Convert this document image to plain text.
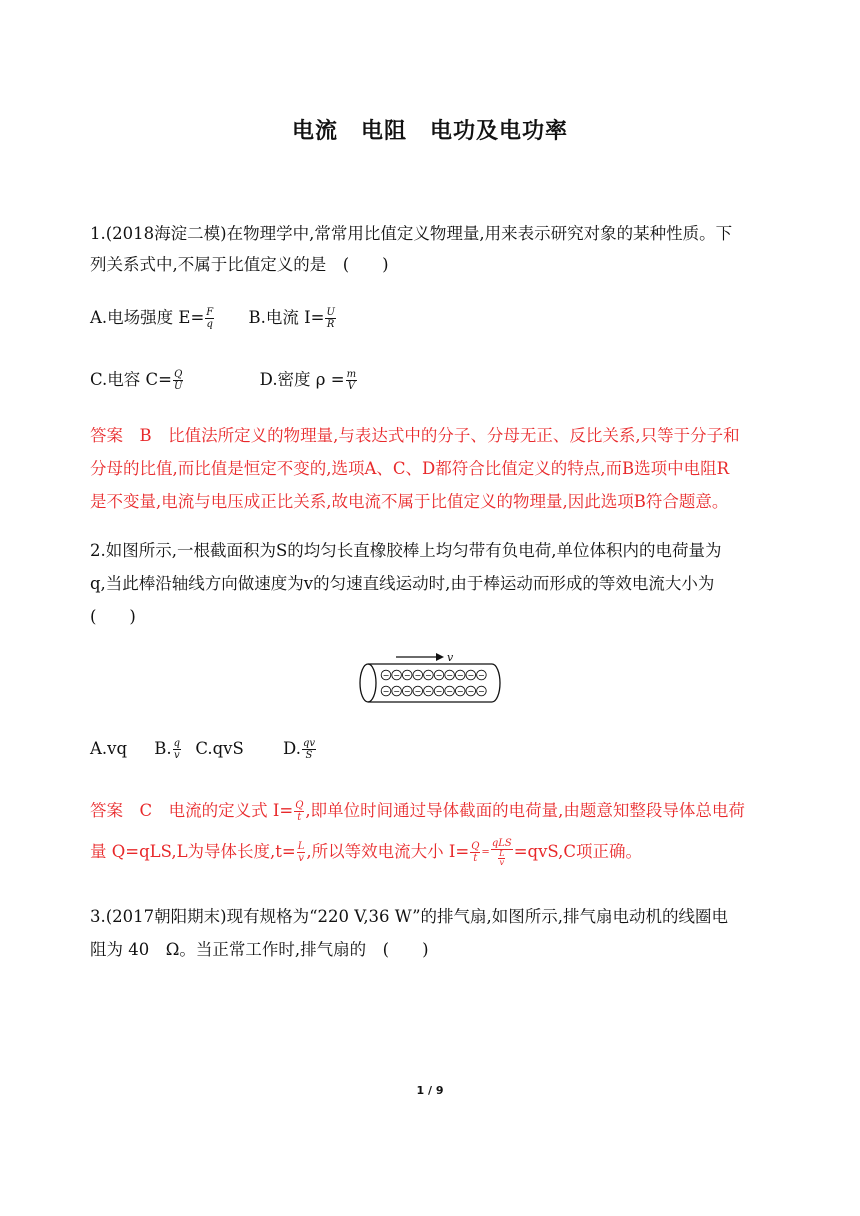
电流　电阻　电功及电功率
1.(2018海淀二模)在物理学中,常常用比值定义物理量,用来表示研究对象的某种性质。下
列关系式中,不属于比值定义的是　(　　)
A.电场强度 $E= \frac{F}{q} B$.电流 $I= \frac{U}{R}$
C.电容 $C= \frac{Q}{U}$	D.密度 $\rho = \frac{m}{V}$
答案　B　比值法所定义的物理量,与表达式中的分子、分母无正、反比关系,只等于分子和
分母的比值,而比值是恒定不变的,选项A、C、D都符合比值定义的特点,而B选项中电阻R
是不变量,电流与电压成正比关系,故电流不属于比值定义的物理量,因此选项B符合题意。
2.如图所示,一根截面积为S的均匀长直橡胶棒上均匀带有负电荷,单位体积内的电荷量为
q,当此棒沿轴线方向做速度为v的匀速直线运动时,由于棒运动而形成的等效电流大小为
(　　)
v
− − − − − − − − − −
− − − − − − − − − −
A.vq B. $\frac{q}{v} C.qvS$ D. $\frac{qv}{S}$
答案　C　电流的定义式 $I= \frac{Q}{t}$ ,即单位时间通过导体截面的电荷量,由题意知整段导体总电荷
量 Q=qLS,L为导体长度$,t= \frac{L}{v}$ ,所以等效电流大小 $I= \frac{Q}{t} = \frac{\text{qLS}}{\frac{L}{v}} =qvS,C$项正确。
3.(2017朝阳期末)现有规格为“220 V,36 W”的排气扇,如图所示,排气扇电动机的线圈电
阻为 40　Ω。当正常工作时,排气扇的　(　　)
1 / 9
